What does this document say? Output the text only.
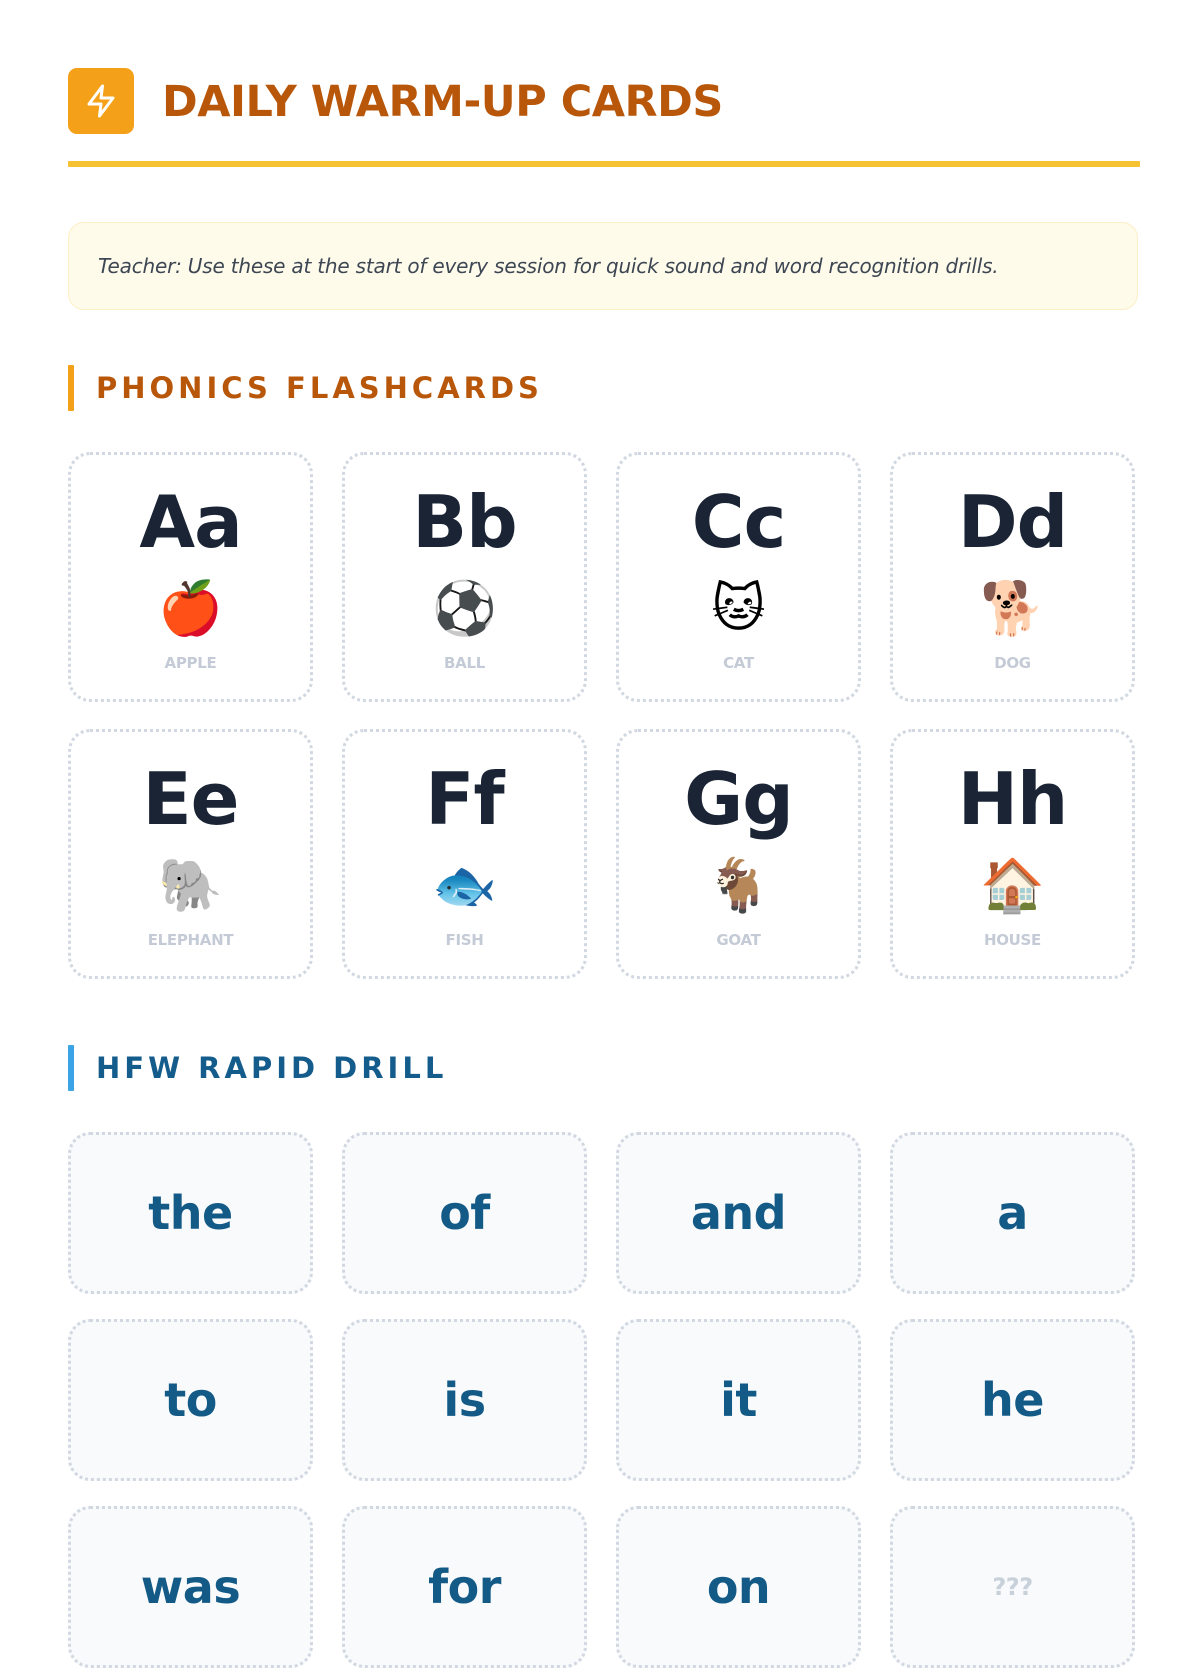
DAILY WARM-UP CARDS
Teacher: Use these at the start of every session for quick sound and word recognition drills.
PHONICS FLASHCARDS
Aa
🍎
APPLE
Bb
⚽
BALL
Cc
🐱
CAT
Dd
🐕
DOG
Ee
🐘
ELEPHANT
Ff
🐟
FISH
Gg
🐐
GOAT
Hh
🏠
HOUSE
HFW RAPID DRILL
the	of	and	a
to	is	it	he
was	for	on	???
